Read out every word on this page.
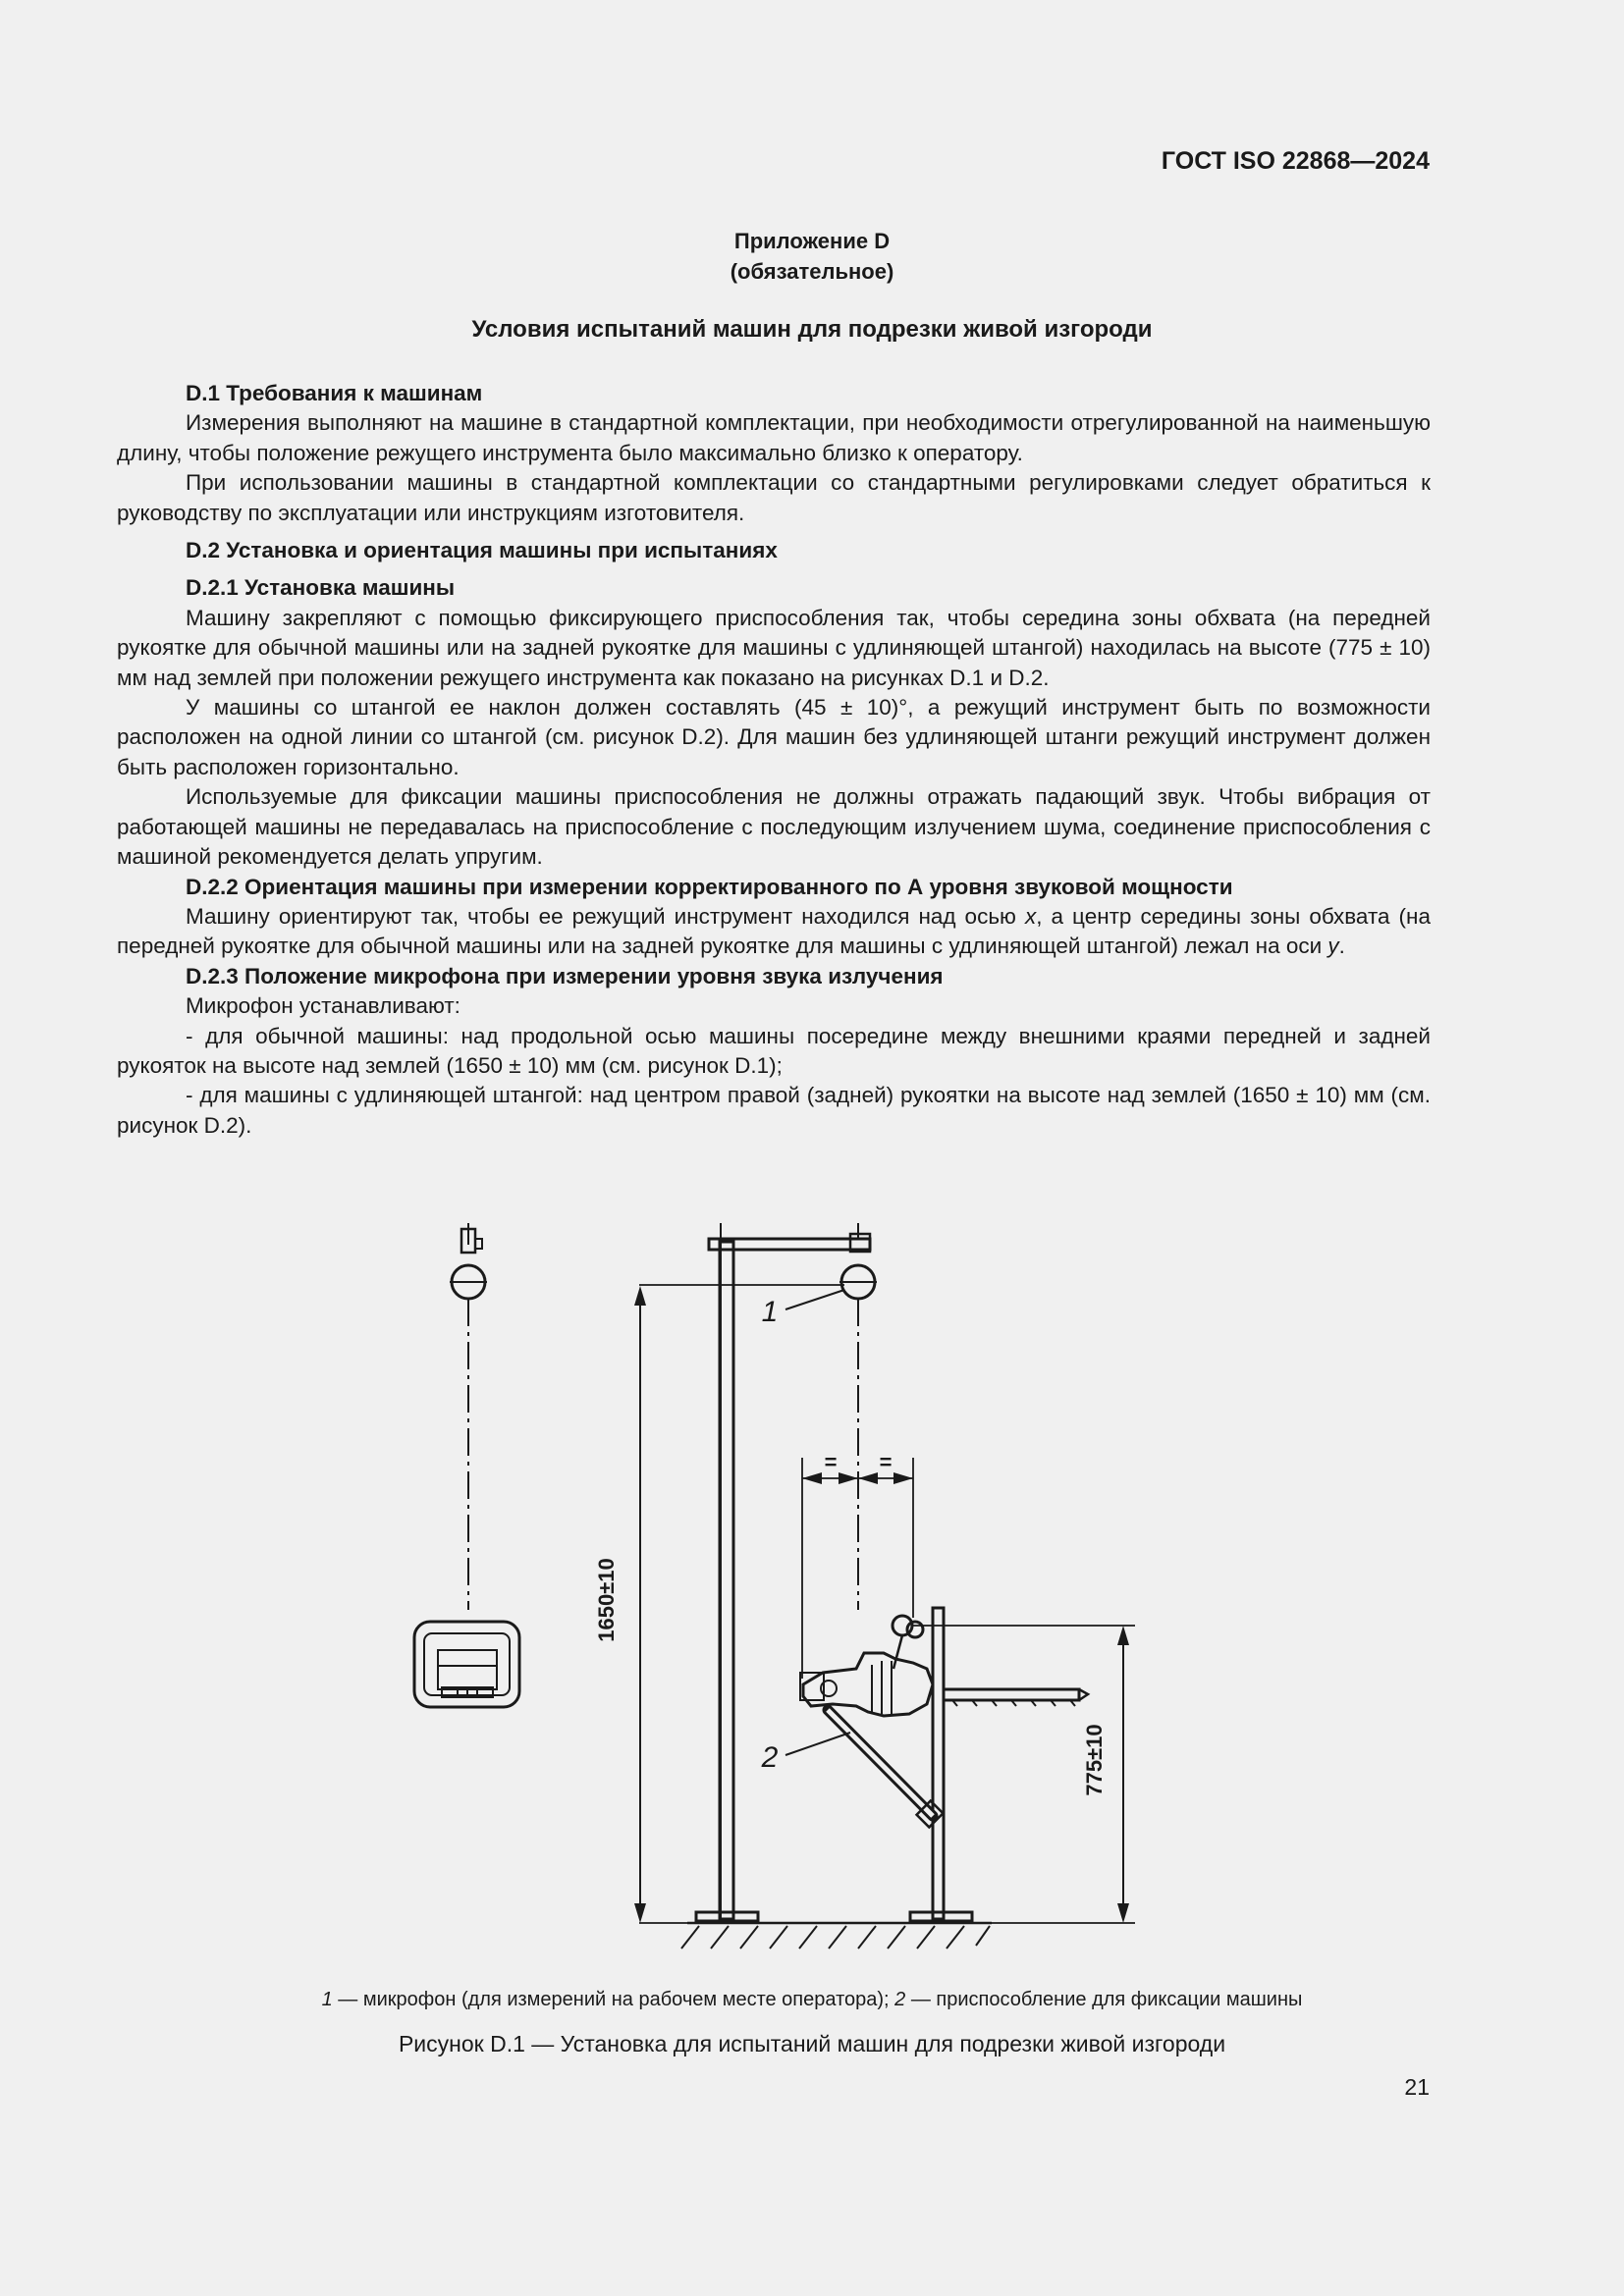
ГОСТ ISO 22868—2024

Приложение D
(обязательное)
Условия испытаний машин для подрезки живой изгороди
D.1 Требования к машинам

Измерения выполняют на машине в стандартной комплектации, при необходимости отрегулированной на наименьшую длину, чтобы положение режущего инструмента было максимально близко к оператору.

При использовании машины в стандартной комплектации со стандартными регулировками следует обратиться к руководству по эксплуатации или инструкциям изготовителя.

D.2 Установка и ориентация машины при испытаниях
D.2.1 Установка машины

Машину закрепляют с помощью фиксирующего приспособления так, чтобы середина зоны обхвата (на передней рукоятке для обычной машины или на задней рукоятке для машины с удлиняющей штангой) находилась на высоте (775 ± 10) мм над землей при положении режущего инструмента как показано на рисунках D.1 и D.2.

У машины со штангой ее наклон должен составлять (45 ± 10)°, а режущий инструмент быть по возможности расположен на одной линии со штангой (см. рисунок D.2). Для машин без удлиняющей штанги режущий инструмент должен быть расположен горизонтально.

Используемые для фиксации машины приспособления не должны отражать падающий звук. Чтобы вибрация от работающей машины не передавалась на приспособление с последующим излучением шума, соединение приспособления с машиной рекомендуется делать упругим.

D.2.2 Ориентация машины при измерении корректированного по А уровня звуковой мощности

Машину ориентируют так, чтобы ее режущий инструмент находился над осью x, а центр середины зоны обхвата (на передней рукоятке для обычной машины или на задней рукоятке для машины с удлиняющей штангой) лежал на оси y.

D.2.3 Положение микрофона при измерении уровня звука излучения

Микрофон устанавливают:

- для обычной машины: над продольной осью машины посередине между внешними краями передней и задней рукояток на высоте над землей (1650 ± 10) мм (см. рисунок D.1);

- для машины с удлиняющей штангой: над центром правой (задней) рукоятки на высоте над землей (1650 ± 10) мм (см. рисунок D.2).

1650±10
775±10
= =
1
2

1 — микрофон (для измерений на рабочем месте оператора); 2 — приспособление для фиксации машины

Рисунок D.1 — Установка для испытаний машин для подрезки живой изгороди

21
